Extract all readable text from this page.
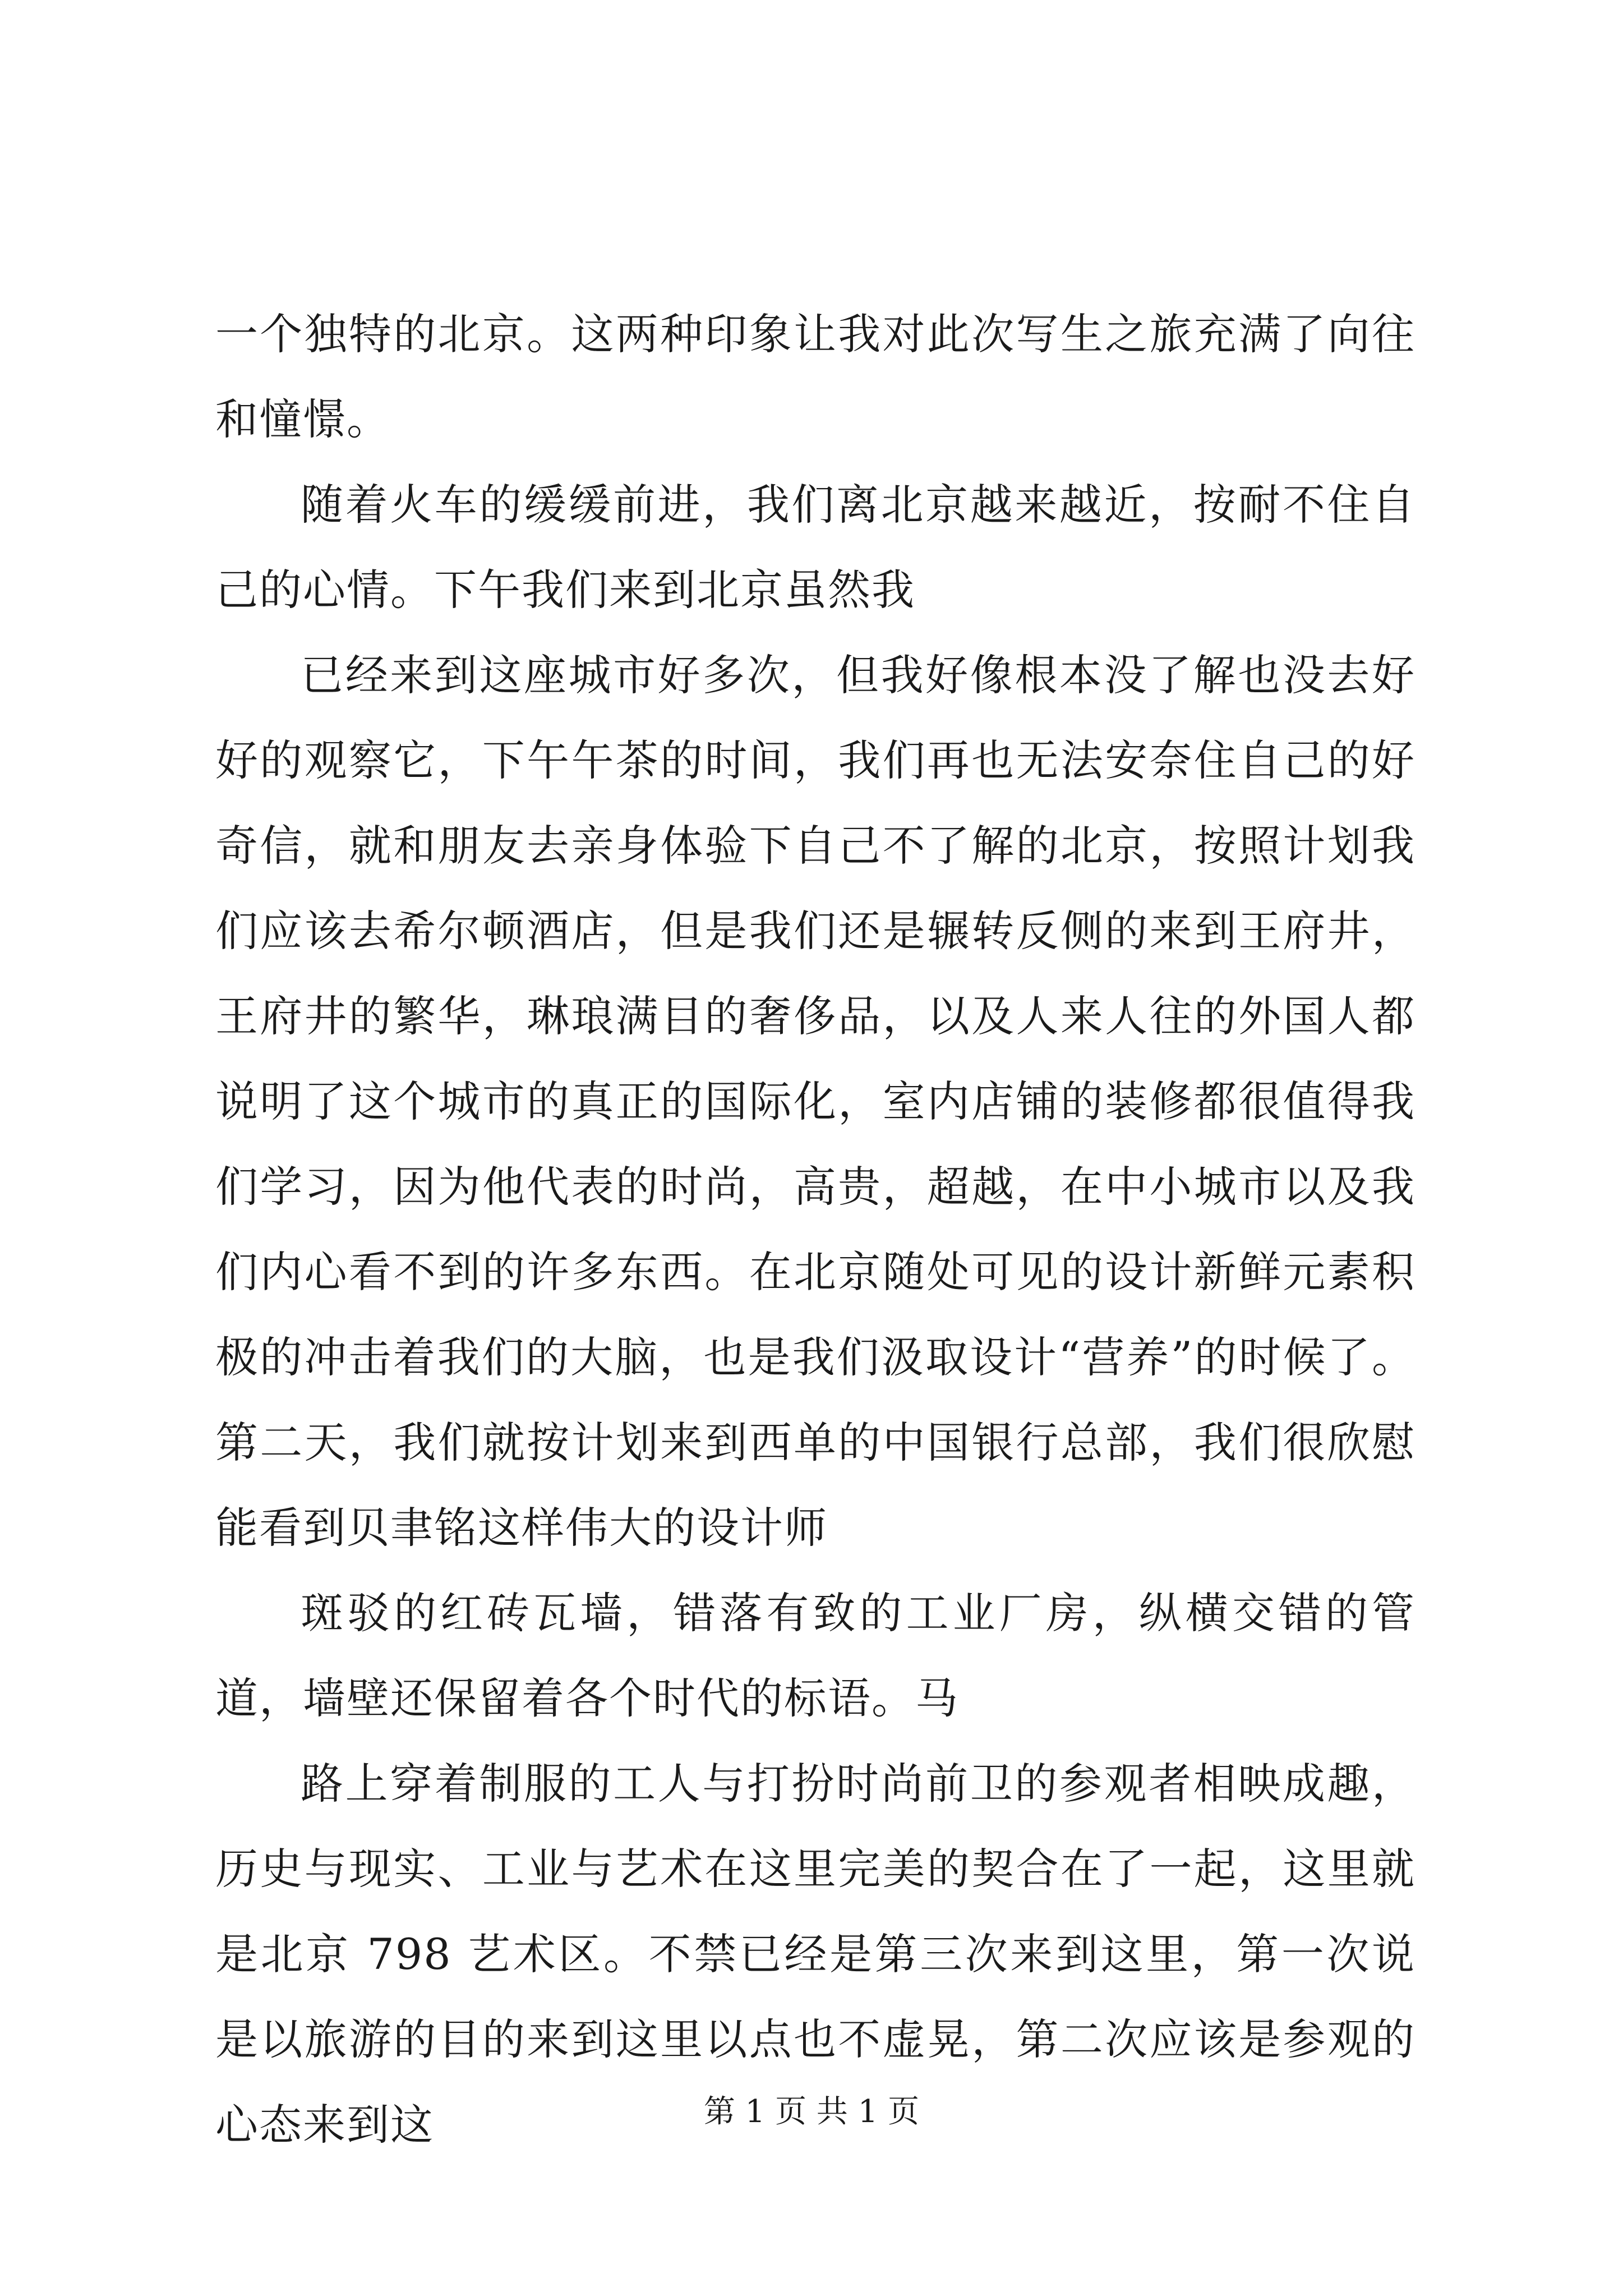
一个独特的北京。这两种印象让我对此次写生之旅充满了向往和憧憬。

随着火车的缓缓前进，我们离北京越来越近，按耐不住自己的心情。下午我们来到北京虽然我

已经来到这座城市好多次，但我好像根本没了解也没去好好的观察它，下午午茶的时间，我们再也无法安奈住自己的好奇信，就和朋友去亲身体验下自己不了解的北京，按照计划我们应该去希尔顿酒店，但是我们还是辗转反侧的来到王府井，王府井的繁华，琳琅满目的奢侈品，以及人来人往的外国人都说明了这个城市的真正的国际化，室内店铺的装修都很值得我们学习，因为他代表的时尚，高贵，超越，在中小城市以及我们内心看不到的许多东西。在北京随处可见的设计新鲜元素积极的冲击着我们的大脑，也是我们汲取设计“营养”的时候了。第二天，我们就按计划来到西单的中国银行总部，我们很欣慰能看到贝聿铭这样伟大的设计师

斑驳的红砖瓦墙，错落有致的工业厂房，纵横交错的管道，墙壁还保留着各个时代的标语。马

路上穿着制服的工人与打扮时尚前卫的参观者相映成趣，历史与现实、工业与艺术在这里完美的契合在了一起，这里就是北京 798 艺术区。不禁已经是第三次来到这里，第一次说是以旅游的目的来到这里以点也不虚晃，第二次应该是参观的心态来到这	第 1 页 共 1 页
